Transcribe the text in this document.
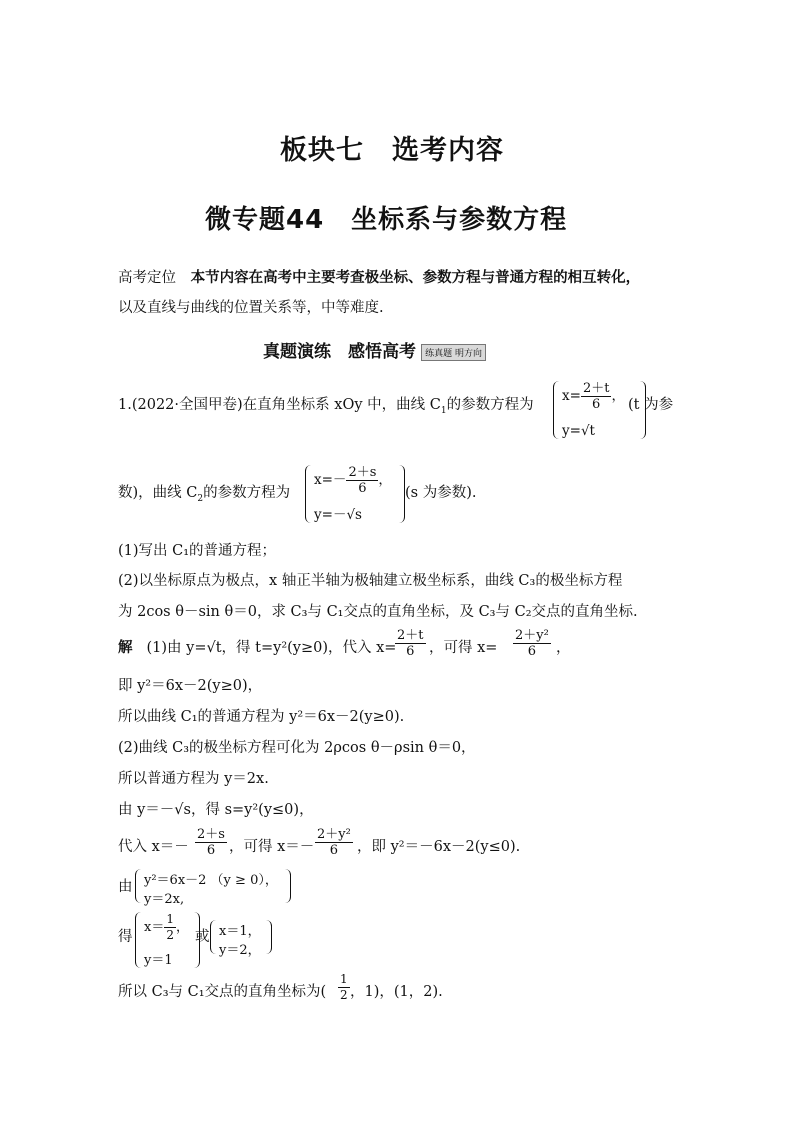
板块七　选考内容
微专题44　坐标系与参数方程
高考定位 本节内容在高考中主要考查极坐标、参数方程与普通方程的相互转化，
以及直线与曲线的位置关系等，中等难度.
真题演练　感悟高考 练真题 明方向
1.(2022·全国甲卷)在直角坐标系 xOy 中，曲线 $C_1$的参数方程为
$x= \frac{2+t}{6}$ ，
y=√t
(t 为参
数)，曲线 $C_2$的参数方程为
$x=- \frac{2+s}{6}$ ，
y=－√s
(s 为参数).
(1)写出 C₁的普通方程；
(2)以坐标原点为极点，x 轴正半轴为极轴建立极坐标系，曲线 C₃的极坐标方程
为 2cos θ－sin θ＝0，求 C₃与 C₁交点的直角坐标，及 C₃与 C₂交点的直角坐标.
解 (1)由 y=√t，得 t=y²(y≥0)，代入 x=
$\frac{2+t}{6}$ ，可得 $x= \frac{\text{2＋y²}}{6}$ ，
即 y²＝6x－2(y≥0)，
所以曲线 C₁的普通方程为 y²＝6x－2(y≥0).
(2)曲线 C₃的极坐标方程可化为 2ρcos θ－ρsin θ＝0，
所以普通方程为 y＝2x.
由 y＝－√s，得 s=y²(y≤0)，
代入 $x=- \frac{2+s}{6}$ ，可得 $x=- \frac{\text{2＋y²}}{6}$ ，即 y²＝－6x－2(y≤0).
由 y²＝6x－2 （y ≥ 0），
y＝2x,
得
$x= \frac{1}{2}$ ，
y＝1
或 x＝1，
y＝2，
所以 C₃与 C₁交点的直角坐标为( $\frac{1}{2}$ ，1)，(1，2).
